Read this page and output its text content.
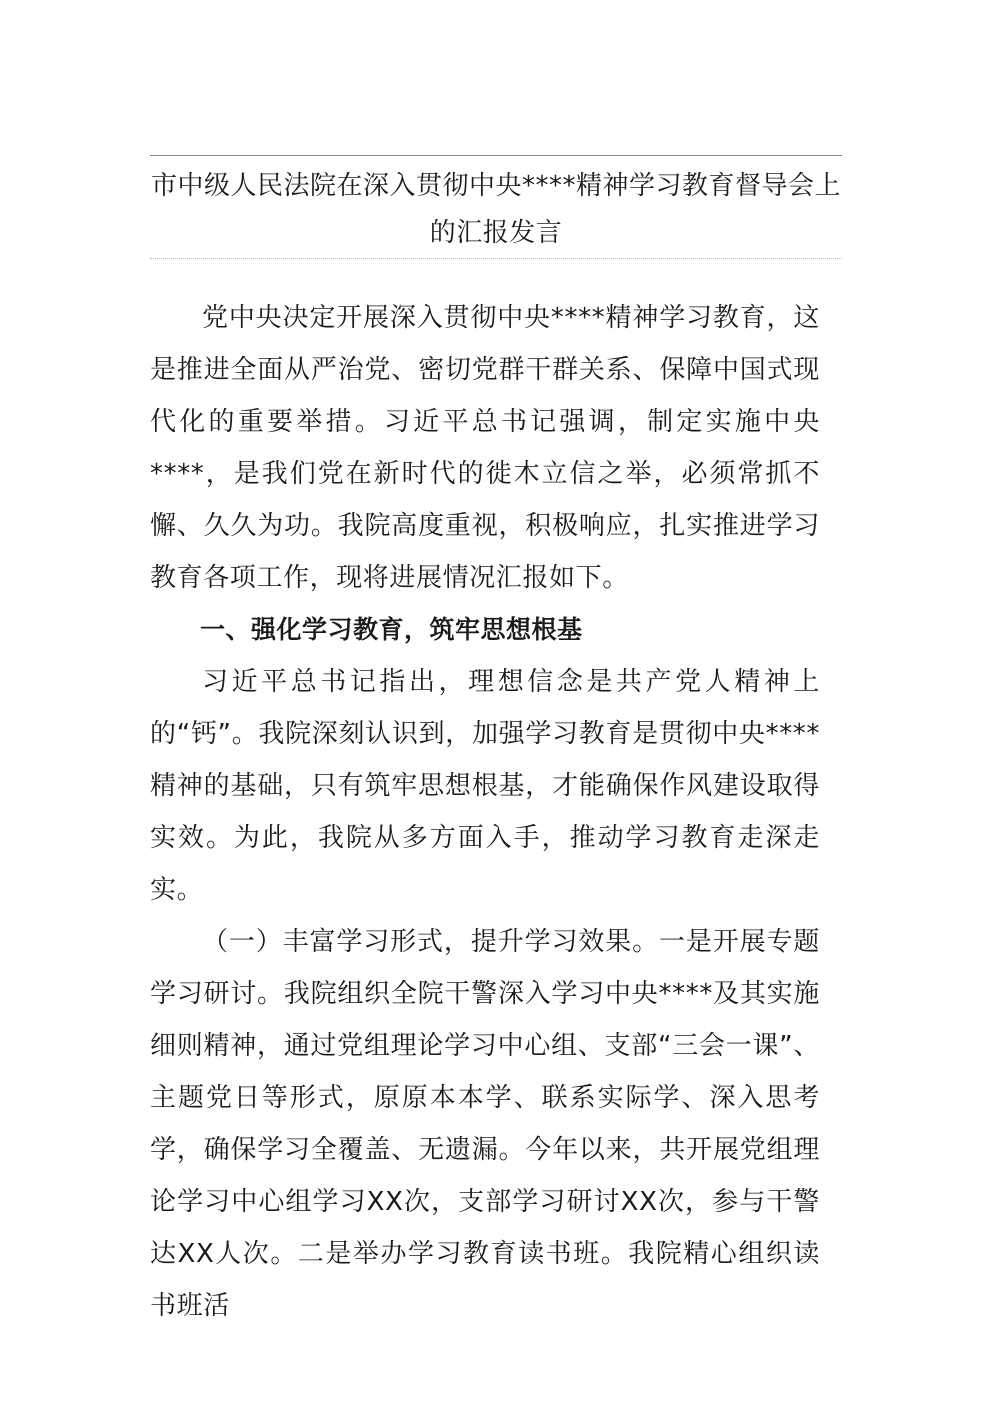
市中级人民法院在深入贯彻中央****精神学习教育督导会上的汇报发言

党中央决定开展深入贯彻中央****精神学习教育，这是推进全面从严治党、密切党群干群关系、保障中国式现代化的重要举措。习近平总书记强调，制定实施中央****，是我们党在新时代的徙木立信之举，必须常抓不懈、久久为功。我院高度重视，积极响应，扎实推进学习教育各项工作，现将进展情况汇报如下。

一、强化学习教育，筑牢思想根基

习近平总书记指出，理想信念是共产党人精神上的“钙”。我院深刻认识到，加强学习教育是贯彻中央****精神的基础，只有筑牢思想根基，才能确保作风建设取得实效。为此，我院从多方面入手，推动学习教育走深走实。

（一）丰富学习形式，提升学习效果。一是开展专题学习研讨。我院组织全院干警深入学习中央****及其实施细则精神，通过党组理论学习中心组、支部“三会一课”、主题党日等形式，原原本本学、联系实际学、深入思考学，确保学习全覆盖、无遗漏。今年以来，共开展党组理论学习中心组学习XX次，支部学习研讨XX次，参与干警达XX人次。二是举办学习教育读书班。我院精心组织读书班活
